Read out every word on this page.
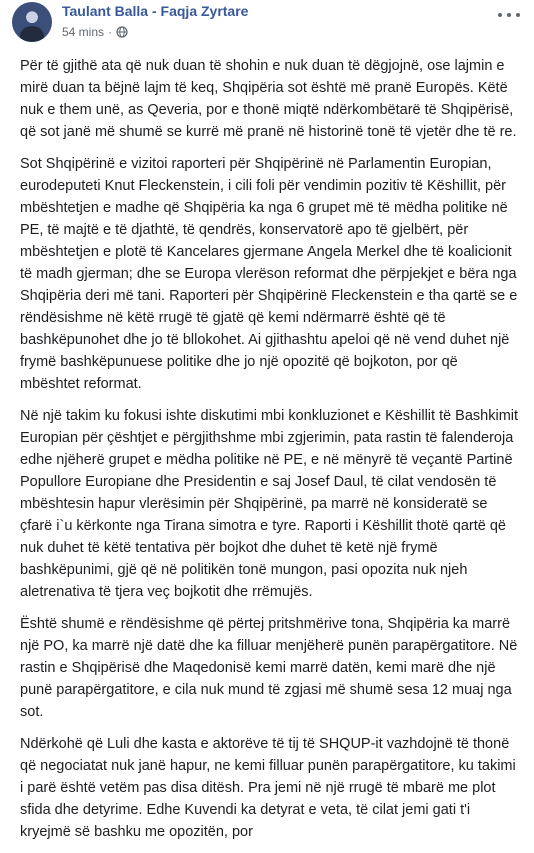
Taulant Balla - Faqja Zyrtare
54 mins ·

Për të gjithë ata që nuk duan të shohin e nuk duan të dëgjojnë, ose lajmin e mirë duan ta bëjnë lajm të keq, Shqipëria sot është më pranë Europës. Këtë nuk e them unë, as Qeveria, por e thonë miqtë ndërkombëtarë të Shqipërisë, që sot janë më shumë se kurrë më pranë në historinë tonë të vjetër dhe të re.

Sot Shqipërinë e vizitoi raporteri për Shqipërinë në Parlamentin Europian, eurodeputeti Knut Fleckenstein, i cili foli për vendimin pozitiv të Këshillit, për mbështetjen e madhe që Shqipëria ka nga 6 grupet më të mëdha politike në PE, të majtë e të djathtë, të qendrës, konservatorë apo të gjelbërt, për mbështetjen e plotë të Kancelares gjermane Angela Merkel dhe të koalicionit të madh gjerman; dhe se Europa vlerëson reformat dhe përpjekjet e bëra nga Shqipëria deri më tani. Raporteri për Shqipërinë Fleckenstein e tha qartë se e rëndësishme në këtë rrugë të gjatë që kemi ndërmarrë është që të bashkëpunohet dhe jo të bllokohet. Ai gjithashtu apeloi që në vend duhet një frymë bashkëpunuese politike dhe jo një opozitë që bojkoton, por që mbështet reformat.

Në një takim ku fokusi ishte diskutimi mbi konkluzionet e Këshillit të Bashkimit Europian për çështjet e përgjithshme mbi zgjerimin, pata rastin të falenderoja edhe njëherë grupet e mëdha politike në PE, e në mënyrë të veçantë Partinë Popullore Europiane dhe Presidentin e saj Josef Daul, të cilat vendosën të mbështesin hapur vlerësimin për Shqipërinë, pa marrë në konsideratë se çfarë i`u kërkonte nga Tirana simotra e tyre. Raporti i Këshillit thotë qartë që nuk duhet të këtë tentativa për bojkot dhe duhet të ketë një frymë bashkëpunimi, gjë që në politikën tonë mungon, pasi opozita nuk njeh aletrenativa të tjera veç bojkotit dhe rrëmujës.

Është shumë e rëndësishme që përtej pritshmërive tona, Shqipëria ka marrë një PO, ka marrë një datë dhe ka filluar menjëherë punën parapërgatitore. Në rastin e Shqipërisë dhe Maqedonisë kemi marrë datën, kemi marë dhe një punë parapërgatitore, e cila nuk mund të zgjasi më shumë sesa 12 muaj nga sot.

Ndërkohë që Luli dhe kasta e aktorëve të tij të SHQUP-it vazhdojnë të thonë që negociatat nuk janë hapur, ne kemi filluar punën parapërgatitore, ku takimi i parë është vetëm pas disa ditësh. Pra jemi në një rrugë të mbarë me plot sfida dhe detyrime. Edhe Kuvendi ka detyrat e veta, të cilat jemi gati t'i kryejmë së bashku me opozitën, por
